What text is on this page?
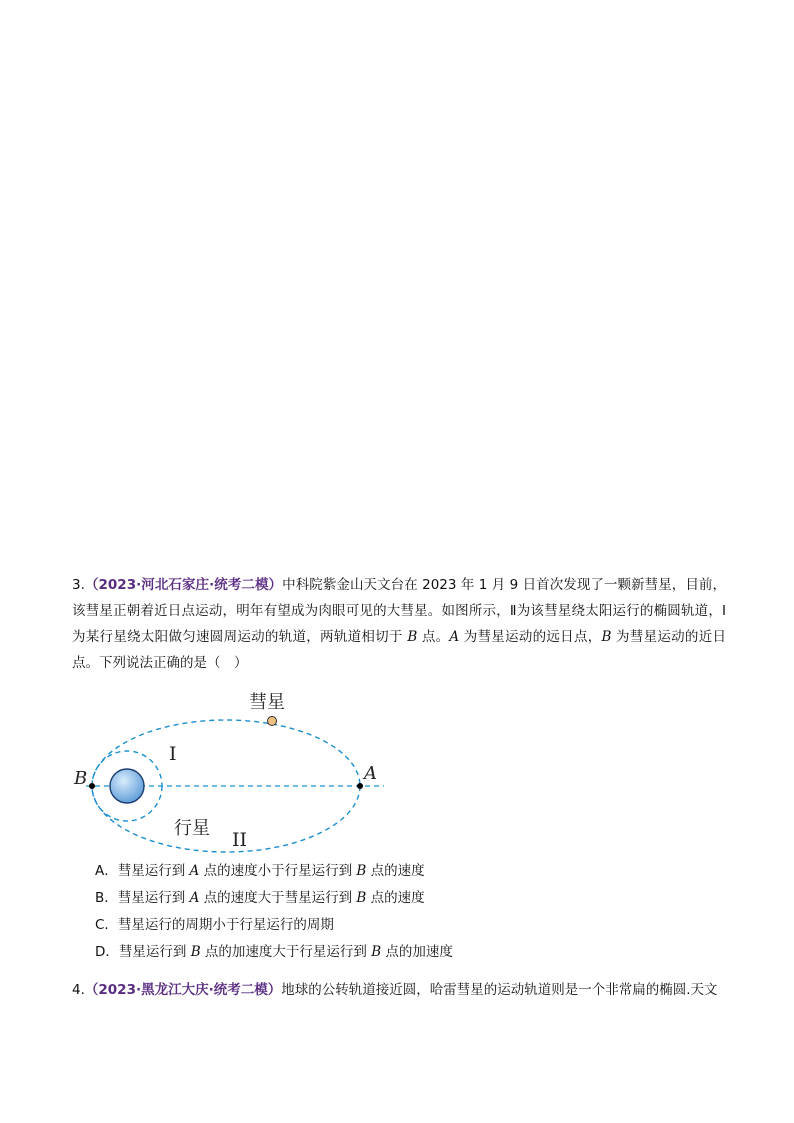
3.（2023·河北石家庄·统考二模）中科院紫金山天文台在 2023 年 1 月 9 日首次发现了一颗新彗星，目前，该彗星正朝着近日点运动，明年有望成为肉眼可见的大彗星。如图所示，Ⅱ为该彗星绕太阳运行的椭圆轨道，Ⅰ为某行星绕太阳做匀速圆周运动的轨道，两轨道相切于 B 点。A 为彗星运动的远日点，B 为彗星运动的近日点。下列说法正确的是（　）
彗星
I
B	A
行星
II
A．彗星运行到 A 点的速度小于行星运行到 B 点的速度
B．彗星运行到 A 点的速度大于彗星运行到 B 点的速度
C．彗星运行的周期小于行星运行的周期
D．彗星运行到 B 点的加速度大于行星运行到 B 点的加速度
4.（2023·黑龙江大庆·统考二模）地球的公转轨道接近圆，哈雷彗星的运动轨道则是一个非常扁的椭圆.天文
